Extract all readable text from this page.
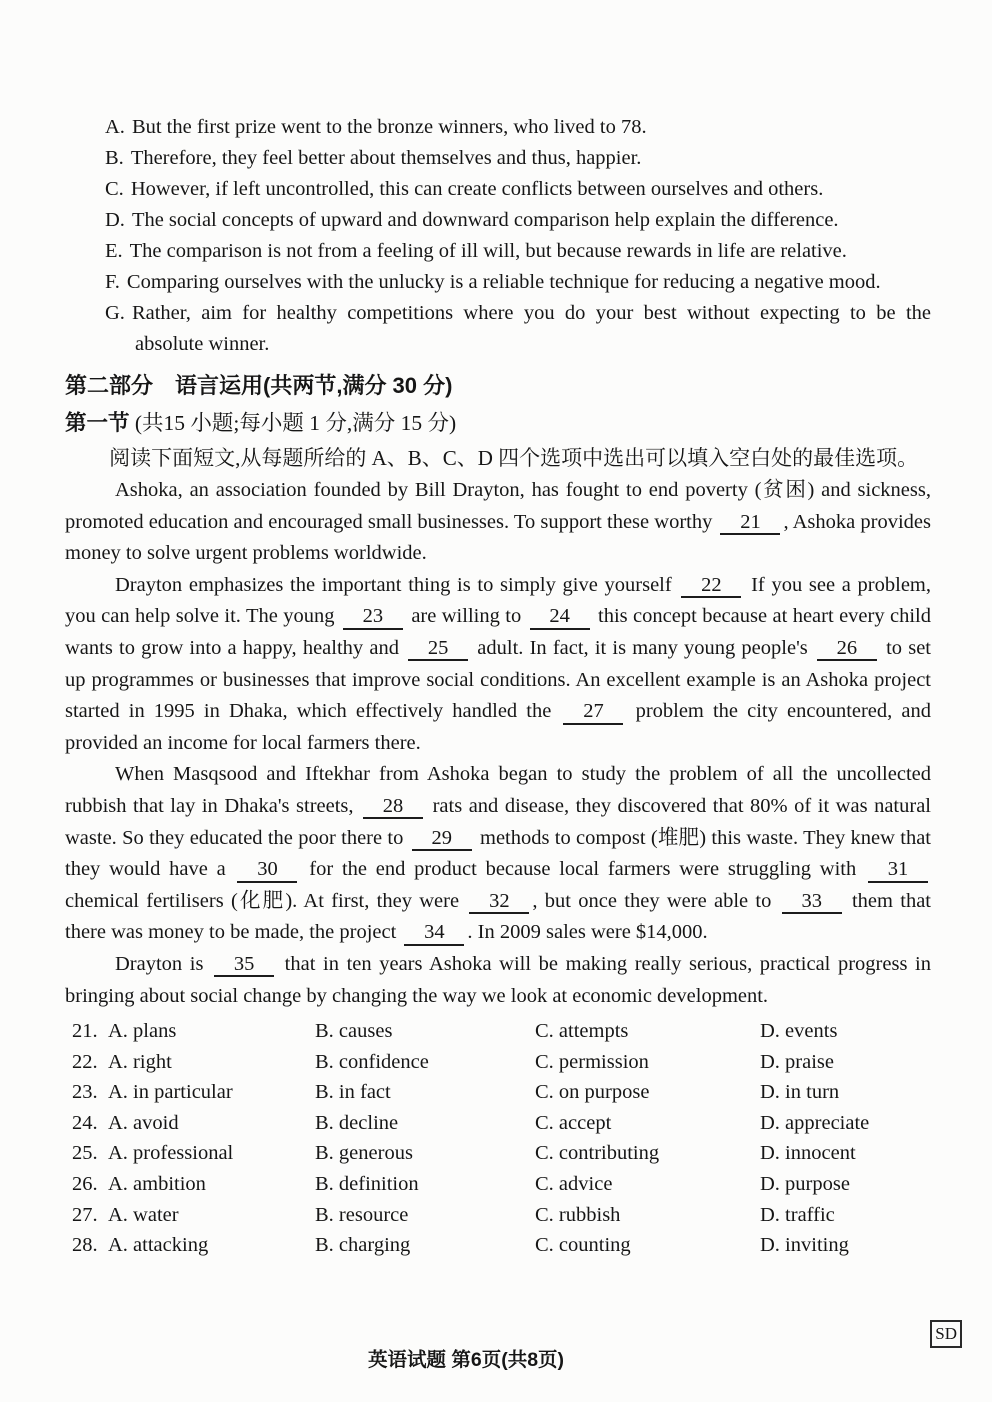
A. But the first prize went to the bronze winners, who lived to 78.
B. Therefore, they feel better about themselves and thus, happier.
C. However, if left uncontrolled, this can create conflicts between ourselves and others.
D. The social concepts of upward and downward comparison help explain the difference.
E. The comparison is not from a feeling of ill will, but because rewards in life are relative.
F. Comparing ourselves with the unlucky is a reliable technique for reducing a negative mood.
G. Rather, aim for healthy competitions where you do your best without expecting to be the absolute winner.
第二部分　语言运用(共两节,满分 30 分)
第一节 (共15 小题;每小题 1 分,满分 15 分)
阅读下面短文,从每题所给的 A、B、C、D 四个选项中选出可以填入空白处的最佳选项。

Ashoka, an association founded by Bill Drayton, has fought to end poverty (贫困) and sickness, promoted education and encouraged small businesses. To support these worthy 21 , Ashoka provides money to solve urgent problems worldwide.

Drayton emphasizes the important thing is to simply give yourself 22 If you see a problem, you can help solve it. The young 23 are willing to 24 this concept because at heart every child wants to grow into a happy, healthy and 25 adult. In fact, it is many young people's 26 to set up programmes or businesses that improve social conditions. An excellent example is an Ashoka project started in 1995 in Dhaka, which effectively handled the 27 problem the city encountered, and provided an income for local farmers there.

When Masqsood and Iftekhar from Ashoka began to study the problem of all the uncollected rubbish that lay in Dhaka's streets, 28 rats and disease, they discovered that 80% of it was natural waste. So they educated the poor there to 29 methods to compost (堆肥) this waste. They knew that they would have a 30 for the end product because local farmers were struggling with 31 chemical fertilisers (化肥). At first, they were 32 , but once they were able to 33 them that there was money to be made, the project 34 . In 2009 sales were $14,000.

Drayton is 35 that in ten years Ashoka will be making really serious, practical progress in bringing about social change by changing the way we look at economic development.

21. A. plans	B. causes	C. attempts	D. events
22. A. right	B. confidence	C. permission	D. praise
23. A. in particular	B. in fact	C. on purpose	D. in turn
24. A. avoid	B. decline	C. accept	D. appreciate
25. A. professional	B. generous	C. contributing	D. innocent
26. A. ambition	B. definition	C. advice	D. purpose
27. A. water	B. resource	C. rubbish	D. traffic
28. A. attacking	B. charging	C. counting	D. inviting
英语试题 第6页(共8页)
SD
